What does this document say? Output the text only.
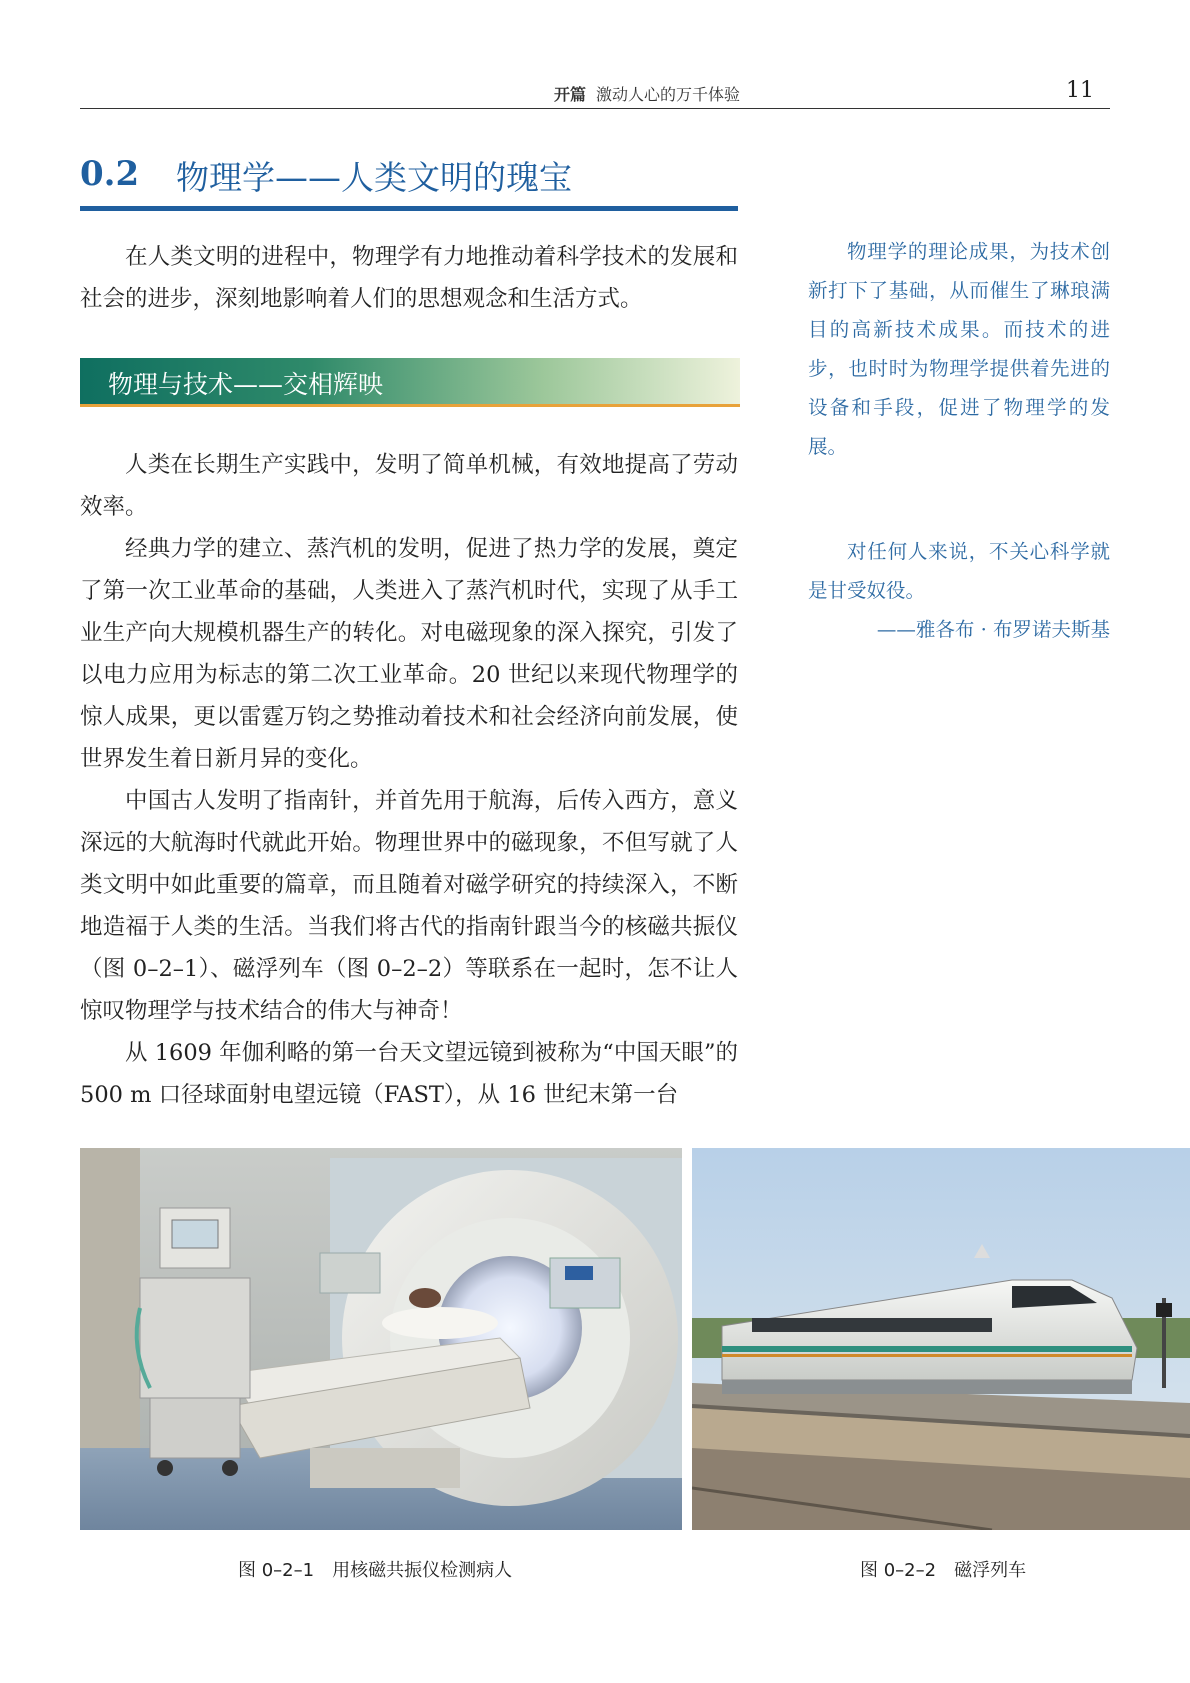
开篇 激动人心的万千体验	11
0.2 物理学——人类文明的瑰宝

在人类文明的进程中，物理学有力地推动着科学技术的发展和社会的进步，深刻地影响着人们的思想观念和生活方式。

物理与技术——交相辉映

人类在长期生产实践中，发明了简单机械，有效地提高了劳动效率。

经典力学的建立、蒸汽机的发明，促进了热力学的发展，奠定了第一次工业革命的基础，人类进入了蒸汽机时代，实现了从手工业生产向大规模机器生产的转化。对电磁现象的深入探究，引发了以电力应用为标志的第二次工业革命。20 世纪以来现代物理学的惊人成果，更以雷霆万钧之势推动着技术和社会经济向前发展，使世界发生着日新月异的变化。

中国古人发明了指南针，并首先用于航海，后传入西方，意义深远的大航海时代就此开始。物理世界中的磁现象，不但写就了人类文明中如此重要的篇章，而且随着对磁学研究的持续深入，不断地造福于人类的生活。当我们将古代的指南针跟当今的核磁共振仪（图 0–2–1）、磁浮列车（图 0–2–2）等联系在一起时，怎不让人惊叹物理学与技术结合的伟大与神奇！

从 1609 年伽利略的第一台天文望远镜到被称为“中国天眼”的 500 m 口径球面射电望远镜（FAST），从 16 世纪末第一台

物理学的理论成果，为技术创新打下了基础，从而催生了琳琅满目的高新技术成果。而技术的进步，也时时为物理学提供着先进的设备和手段，促进了物理学的发展。

对任何人来说，不关心科学就是甘受奴役。

——雅各布 · 布罗诺夫斯基
图 0–2–1 用核磁共振仪检测病人	图 0–2–2 磁浮列车
